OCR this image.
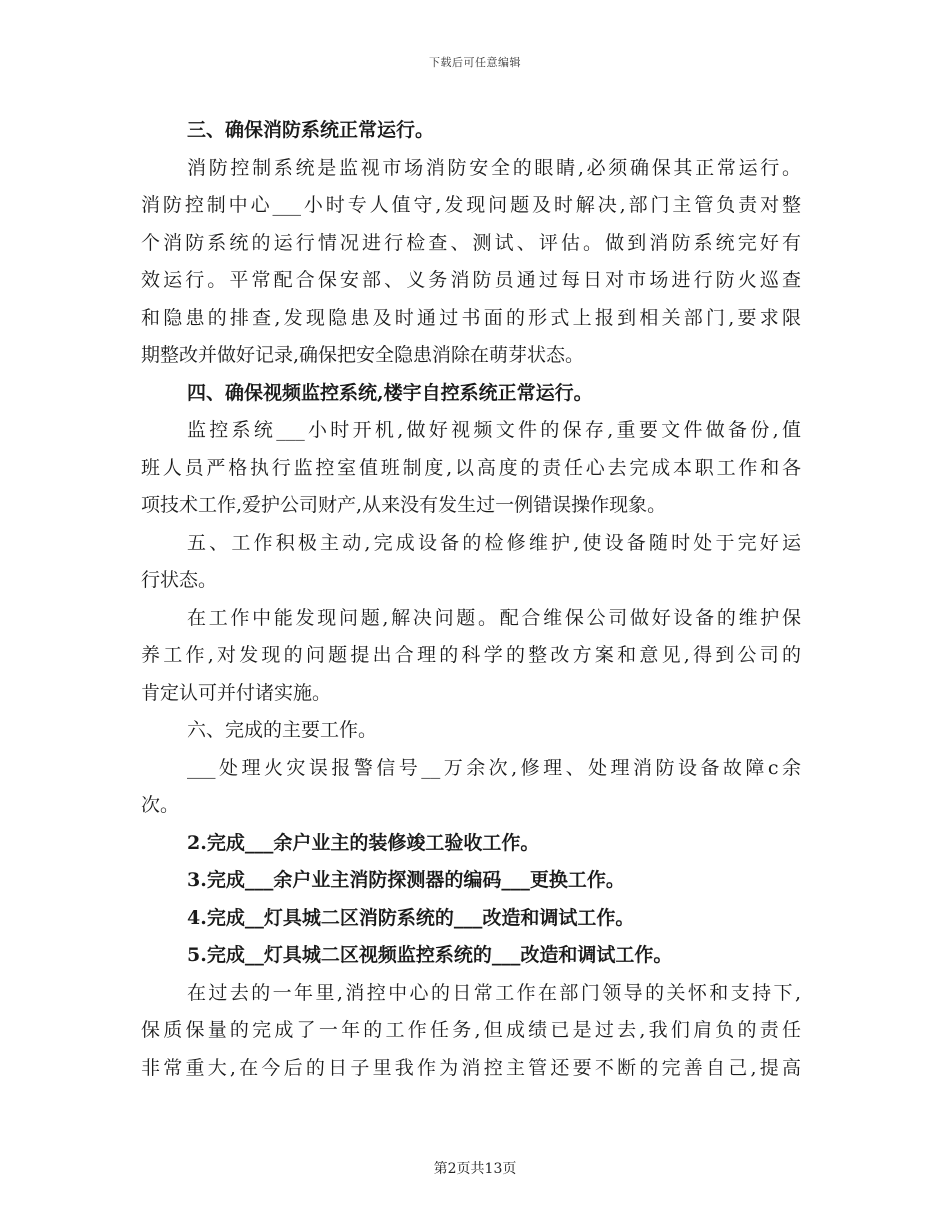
下载后可任意编辑
三、确保消防系统正常运行。
消防控制系统是监视市场消防安全的眼睛,必须确保其正常运行。
消防控制中心___小时专人值守,发现问题及时解决,部门主管负责对整
个消防系统的运行情况进行检查、测试、评估。做到消防系统完好有
效运行。平常配合保安部、义务消防员通过每日对市场进行防火巡查
和隐患的排查,发现隐患及时通过书面的形式上报到相关部门,要求限
期整改并做好记录,确保把安全隐患消除在萌芽状态。
四、确保视频监控系统,楼宇自控系统正常运行。
监控系统___小时开机,做好视频文件的保存,重要文件做备份,值
班人员严格执行监控室值班制度,以高度的责任心去完成本职工作和各
项技术工作,爱护公司财产,从来没有发生过一例错误操作现象。
五、工作积极主动,完成设备的检修维护,使设备随时处于完好运
行状态。
在工作中能发现问题,解决问题。配合维保公司做好设备的维护保
养工作,对发现的问题提出合理的科学的整改方案和意见,得到公司的
肯定认可并付诸实施。
六、完成的主要工作。
___处理火灾误报警信号__万余次,修理、处理消防设备故障c余
次。
2.完成___余户业主的装修竣工验收工作。
3.完成___余户业主消防探测器的编码___更换工作。
4.完成__灯具城二区消防系统的___改造和调试工作。
5.完成__灯具城二区视频监控系统的___改造和调试工作。
在过去的一年里,消控中心的日常工作在部门领导的关怀和支持下,
保质保量的完成了一年的工作任务,但成绩已是过去,我们肩负的责任
非常重大,在今后的日子里我作为消控主管还要不断的完善自己,提高
第2页共13页
